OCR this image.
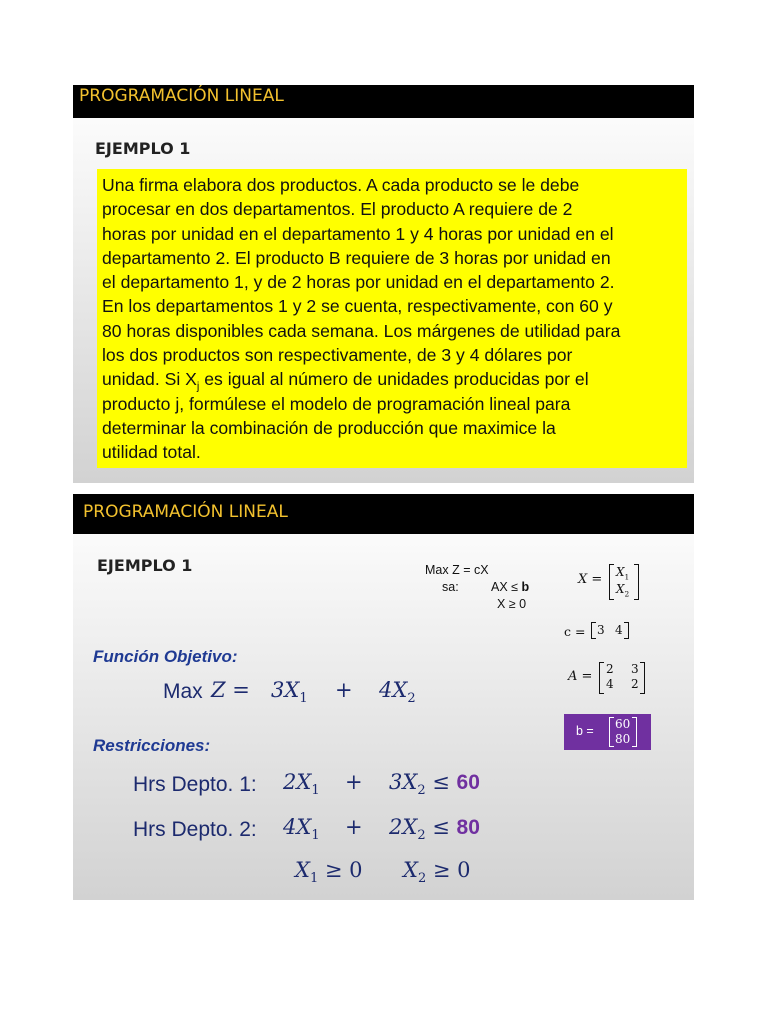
PROGRAMACIÓN LINEAL
EJEMPLO 1
Una firma elabora dos productos. A cada producto se le debe
procesar en dos departamentos. El producto A requiere de 2
horas por unidad en el departamento 1 y 4 horas por unidad en el
departamento 2. El producto B requiere de 3 horas por unidad en
el departamento 1, y de 2 horas por unidad en el departamento 2.
En los departamentos 1 y 2 se cuenta, respectivamente, con 60 y
80 horas disponibles cada semana. Los márgenes de utilidad para
los dos productos son respectivamente, de 3 y 4 dólares por
unidad. Si $X_j$ es igual al número de unidades producidas por el
producto j, formúlese el modelo de programación lineal para
determinar la combinación de producción que maximice la
utilidad total.
PROGRAMACIÓN LINEAL
EJEMPLO 1	Max Z = cX
sa:	AX ≤ b
X ≥ 0
$X = X_1$
$X_2$
c = 3 4
A = 2 3
4 2
b = 60
80
Función Objetivo:
Max $Z = 3X_1 + 4X_2$
Restricciones:
Hrs Depto. 1: $2X_1 + 3X_2 \le 60$
Hrs Depto. 2: $4X_1 + 2X_2 \le 80$
$X_1 \ge 0$ $X_2 \ge 0$
